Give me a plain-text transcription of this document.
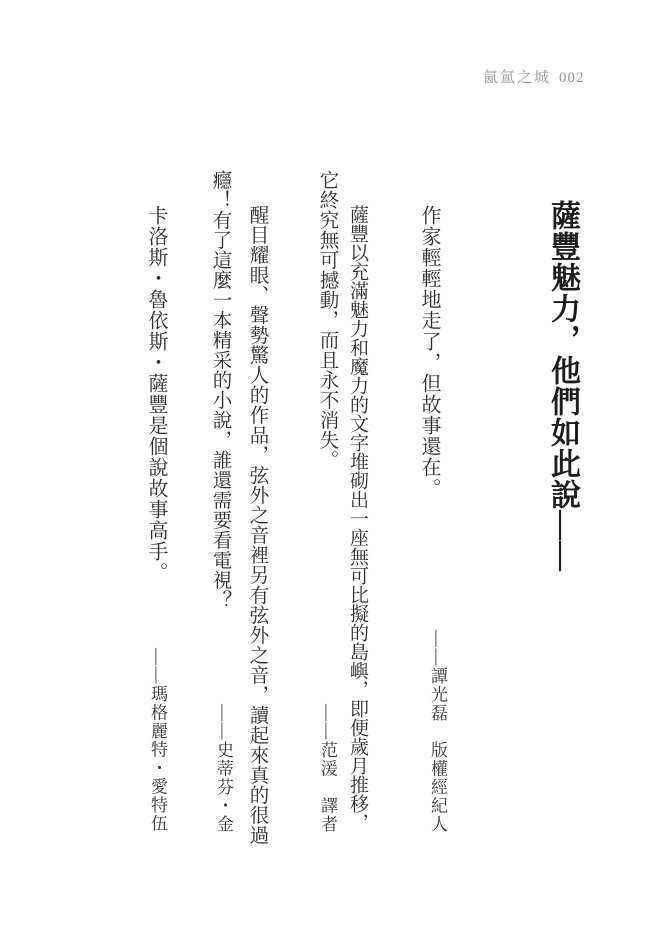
氤氳之城 002
薩豐魅力，他們如此說——
作家輕輕地走了，但故事還在。
——譚光磊　版權經紀人
薩豐以充滿魅力和魔力的文字堆砌出一座無可比擬的島嶼，即便歲月推移，
它終究無可撼動，而且永不消失。
——范湲　譯者
醒目耀眼、聲勢驚人的作品，弦外之音裡另有弦外之音，讀起來真的很過
癮！有了這麼一本精采的小說，誰還需要看電視？
——史蒂芬・金
卡洛斯・魯依斯・薩豐是個說故事高手。
——瑪格麗特・愛特伍
